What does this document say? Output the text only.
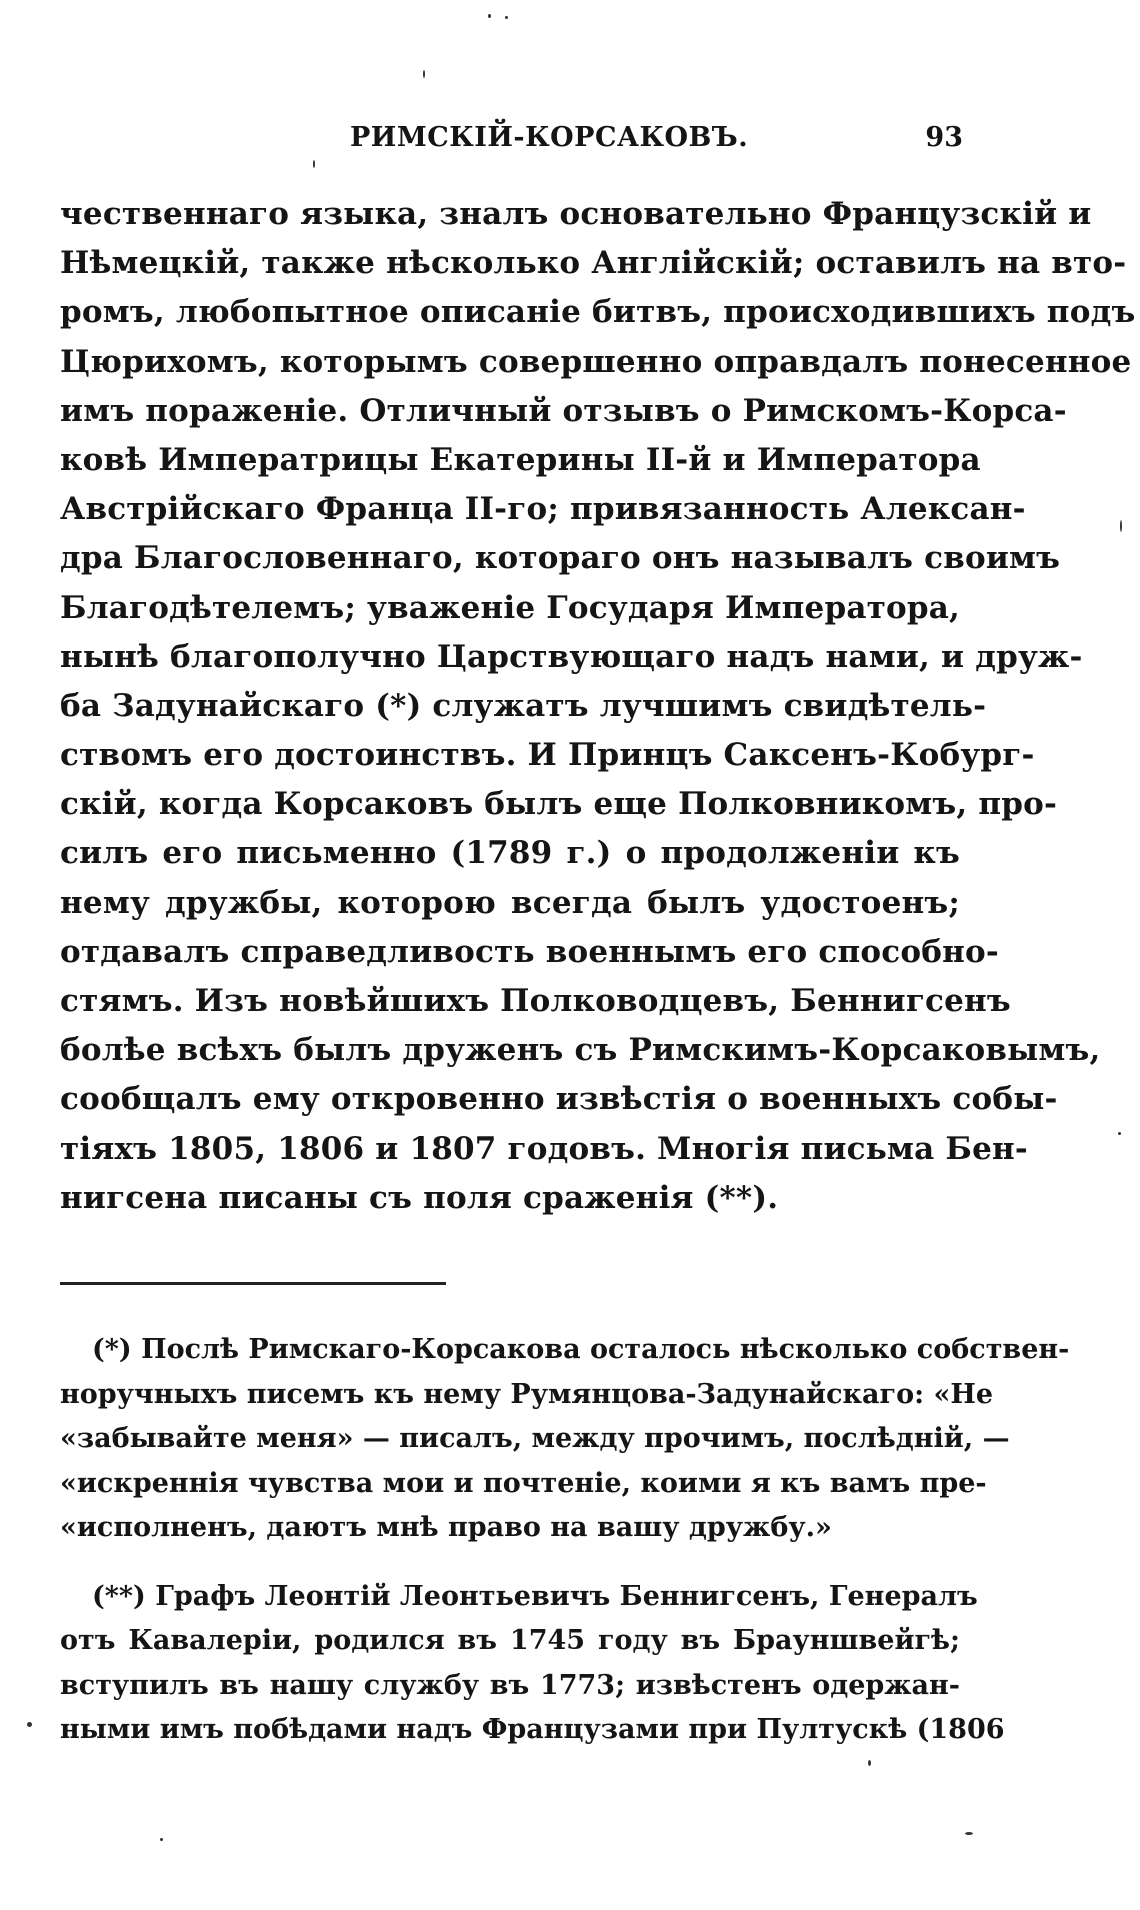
РИМСКІЙ-КОРСАКОВЪ.	93
чественнаго языка, зналъ основательно Французскій и
Нѣмецкій, также нѣсколько Англійскій; оставилъ на вто-
ромъ, любопытное описаніе битвъ, происходившихъ подъ
Цюрихомъ, которымъ совершенно оправдалъ понесенное
имъ пораженіе. Отличный отзывъ о Римскомъ-Корса-
ковѣ Императрицы Екатерины II-й и Императора
Австрійскаго Франца II-го; привязанность Алексан-
дра Благословеннаго, котораго онъ называлъ своимъ
Благодѣтелемъ; уваженіе Государя Императора,
нынѣ благополучно Царствующаго надъ нами, и друж-
ба Задунайскаго (*) служатъ лучшимъ свидѣтель-
ствомъ его достоинствъ. И Принцъ Саксенъ-Кобург-
скій, когда Корсаковъ былъ еще Полковникомъ, про-
силъ его письменно (1789 г.) о продолженіи къ
нему дружбы, которою всегда былъ удостоенъ;
отдавалъ справедливость военнымъ его способно-
стямъ. Изъ новѣйшихъ Полководцевъ, Беннигсенъ
болѣе всѣхъ былъ друженъ съ Римскимъ-Корсаковымъ,
сообщалъ ему откровенно извѣстія о военныхъ собы-
тіяхъ 1805, 1806 и 1807 годовъ. Многія письма Бен-
нигсена писаны съ поля сраженія (**).
(*) Послѣ Римскаго-Корсакова осталось нѣсколько собствен-
норучныхъ писемъ къ нему Румянцова-Задунайскаго: «Не
«забывайте меня» — писалъ, между прочимъ, послѣдній, —
«искреннія чувства мои и почтеніе, коими я къ вамъ пре-
«исполненъ, даютъ мнѣ право на вашу дружбу.»
(**) Графъ Леонтій Леонтьевичъ Беннигсенъ, Генералъ
отъ Кавалеріи, родился въ 1745 году въ Брауншвейгѣ;
вступилъ въ нашу службу въ 1773; извѣстенъ одержан-
ными имъ побѣдами надъ Французами при Пултускѣ (1806
